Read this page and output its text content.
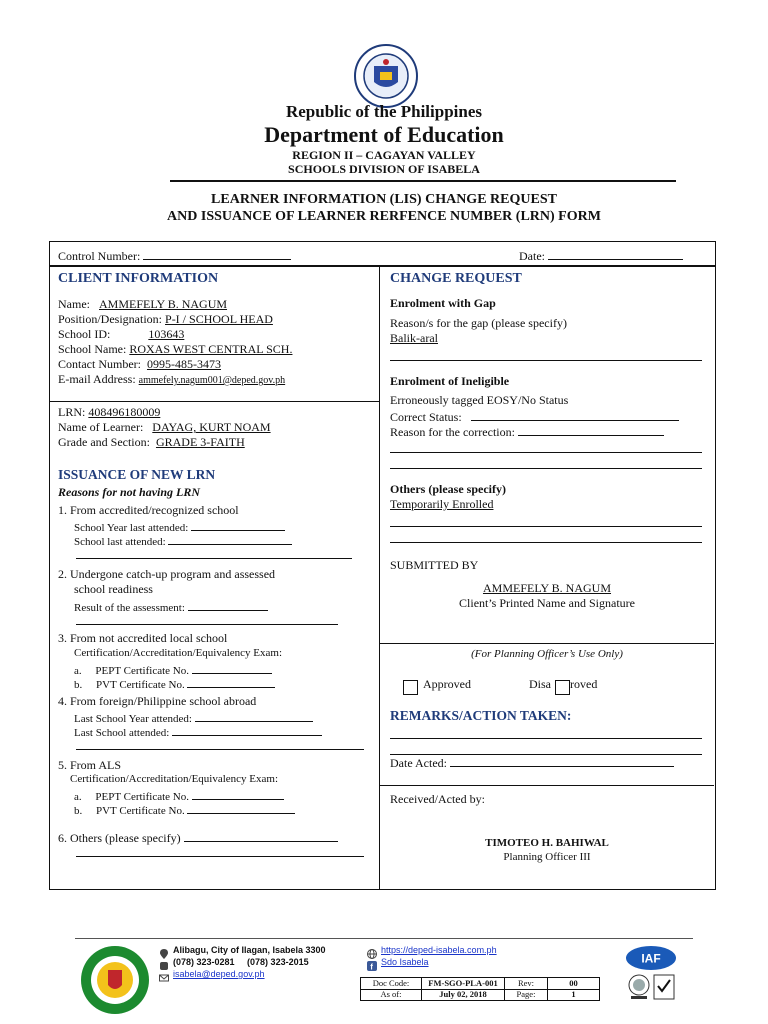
Republic of the Philippines
Department of Education
REGION II – CAGAYAN VALLEY
SCHOOLS DIVISION OF ISABELA
LEARNER INFORMATION (LIS) CHANGE REQUEST
AND ISSUANCE OF LEARNER RERFENCE NUMBER (LRN) FORM
Control Number:	Date:
CLIENT INFORMATION
Name: AMMEFELY B. NAGUM
Position/Designation: P-I / SCHOOL HEAD
School ID:	103643
School Name: ROXAS WEST CENTRAL SCH.
Contact Number: 0995-485-3473
E-mail Address: ammefely.nagum001@deped.gov.ph
LRN: 408496180009
Name of Learner: DAYAG, KURT NOAM
Grade and Section: GRADE 3-FAITH
ISSUANCE OF NEW LRN
Reasons for not having LRN
1. From accredited/recognized school
School Year last attended:
School last attended:
2. Undergone catch-up program and assessed
school readiness
Result of the assessment:
3. From not accredited local school
Certification/Accreditation/Equivalency Exam:
a.     PEPT Certificate No.
b.     PVT Certificate No.
4. From foreign/Philippine school abroad
Last School Year attended:
Last School attended:
5. From ALS
Certification/Accreditation/Equivalency Exam:
a.     PEPT Certificate No.
b.     PVT Certificate No.
6. Others (please specify)
CHANGE REQUEST
Enrolment with Gap
Reason/s for the gap (please specify)
Balik-aral
Enrolment of Ineligible
Erroneously tagged EOSY/No Status
Correct Status:
Reason for the correction:
Others (please specify)
Temporarily Enrolled
SUBMITTED BY
AMMEFELY B. NAGUM
Client’s Printed Name and Signature
(For Planning Officer’s Use Only)
Approved	Disa roved
REMARKS/ACTION TAKEN:
Date Acted:
Received/Acted by:
TIMOTEO H. BAHIWAL
Planning Officer III
Alibagu, City of Ilagan, Isabela 3300
(078) 323-0281     (078) 323-2015
isabela@deped.gov.ph
https://deped-isabela.com.ph
f Sdo Isabela
Doc Code:	FM-SGO-PLA-001	Rev:	00
As of:	July 02, 2018	Page:	1
IAF
